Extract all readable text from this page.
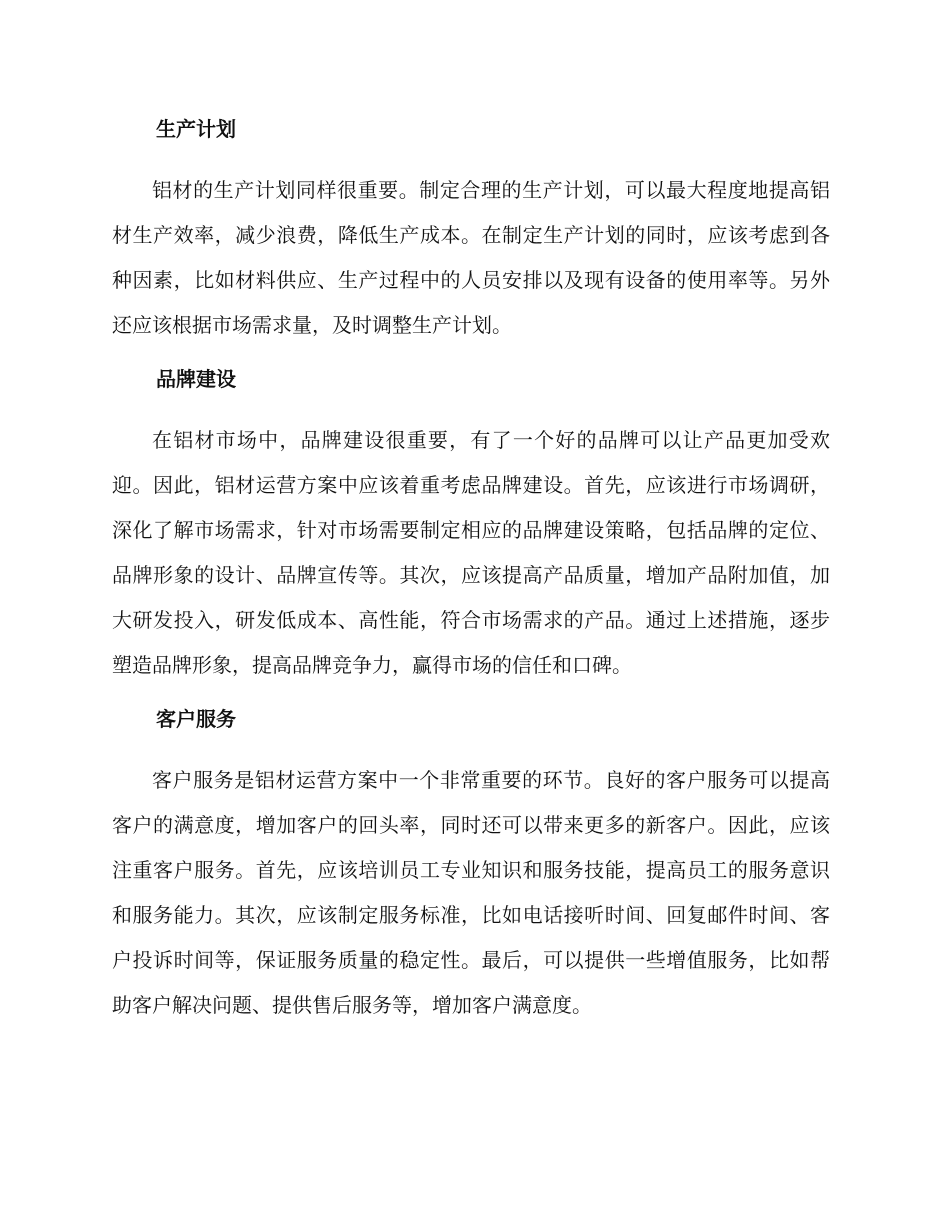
生产计划

铝材的生产计划同样很重要。制定合理的生产计划，可以最大程度地提高铝材生产效率，减少浪费，降低生产成本。在制定生产计划的同时，应该考虑到各种因素，比如材料供应、生产过程中的人员安排以及现有设备的使用率等。另外还应该根据市场需求量，及时调整生产计划。

品牌建设

在铝材市场中，品牌建设很重要，有了一个好的品牌可以让产品更加受欢迎。因此，铝材运营方案中应该着重考虑品牌建设。首先，应该进行市场调研，深化了解市场需求，针对市场需要制定相应的品牌建设策略，包括品牌的定位、品牌形象的设计、品牌宣传等。其次，应该提高产品质量，增加产品附加值，加大研发投入，研发低成本、高性能，符合市场需求的产品。通过上述措施，逐步塑造品牌形象，提高品牌竞争力，赢得市场的信任和口碑。

客户服务

客户服务是铝材运营方案中一个非常重要的环节。良好的客户服务可以提高客户的满意度，增加客户的回头率，同时还可以带来更多的新客户。因此，应该注重客户服务。首先，应该培训员工专业知识和服务技能，提高员工的服务意识和服务能力。其次，应该制定服务标准，比如电话接听时间、回复邮件时间、客户投诉时间等，保证服务质量的稳定性。最后，可以提供一些增值服务，比如帮助客户解决问题、提供售后服务等，增加客户满意度。
